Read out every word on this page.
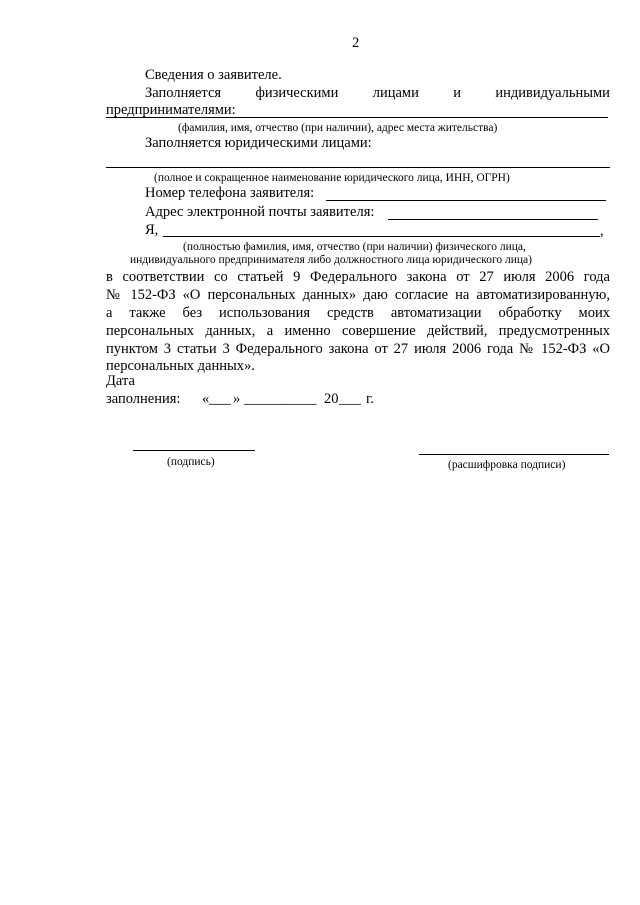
2
Сведения о заявителе.
Заполняется физическими лицами и индивидуальными
предпринимателями:
(фамилия, имя, отчество (при наличии), адрес места жительства)
Заполняется юридическими лицами:
(полное и сокращенное наименование юридического лица, ИНН, ОГРН)
Номер телефона заявителя:
Адрес электронной почты заявителя:
Я,	,
(полностью фамилия, имя, отчество (при наличии) физического лица,
индивидуального предпринимателя либо должностного лица юридического лица)
в соответствии со статьей 9 Федерального закона от 27 июля 2006 года
№ 152-ФЗ «О персональных данных» даю согласие на автоматизированную,
а также без использования средств автоматизации обработку моих
персональных данных, а именно совершение действий, предусмотренных
пунктом 3 статьи 3 Федерального закона от 27 июля 2006 года № 152-ФЗ «О
персональных данных».
Дата
заполнения: « ___ » __________ 20 ___ г.
(подпись)	(расшифровка подписи)
